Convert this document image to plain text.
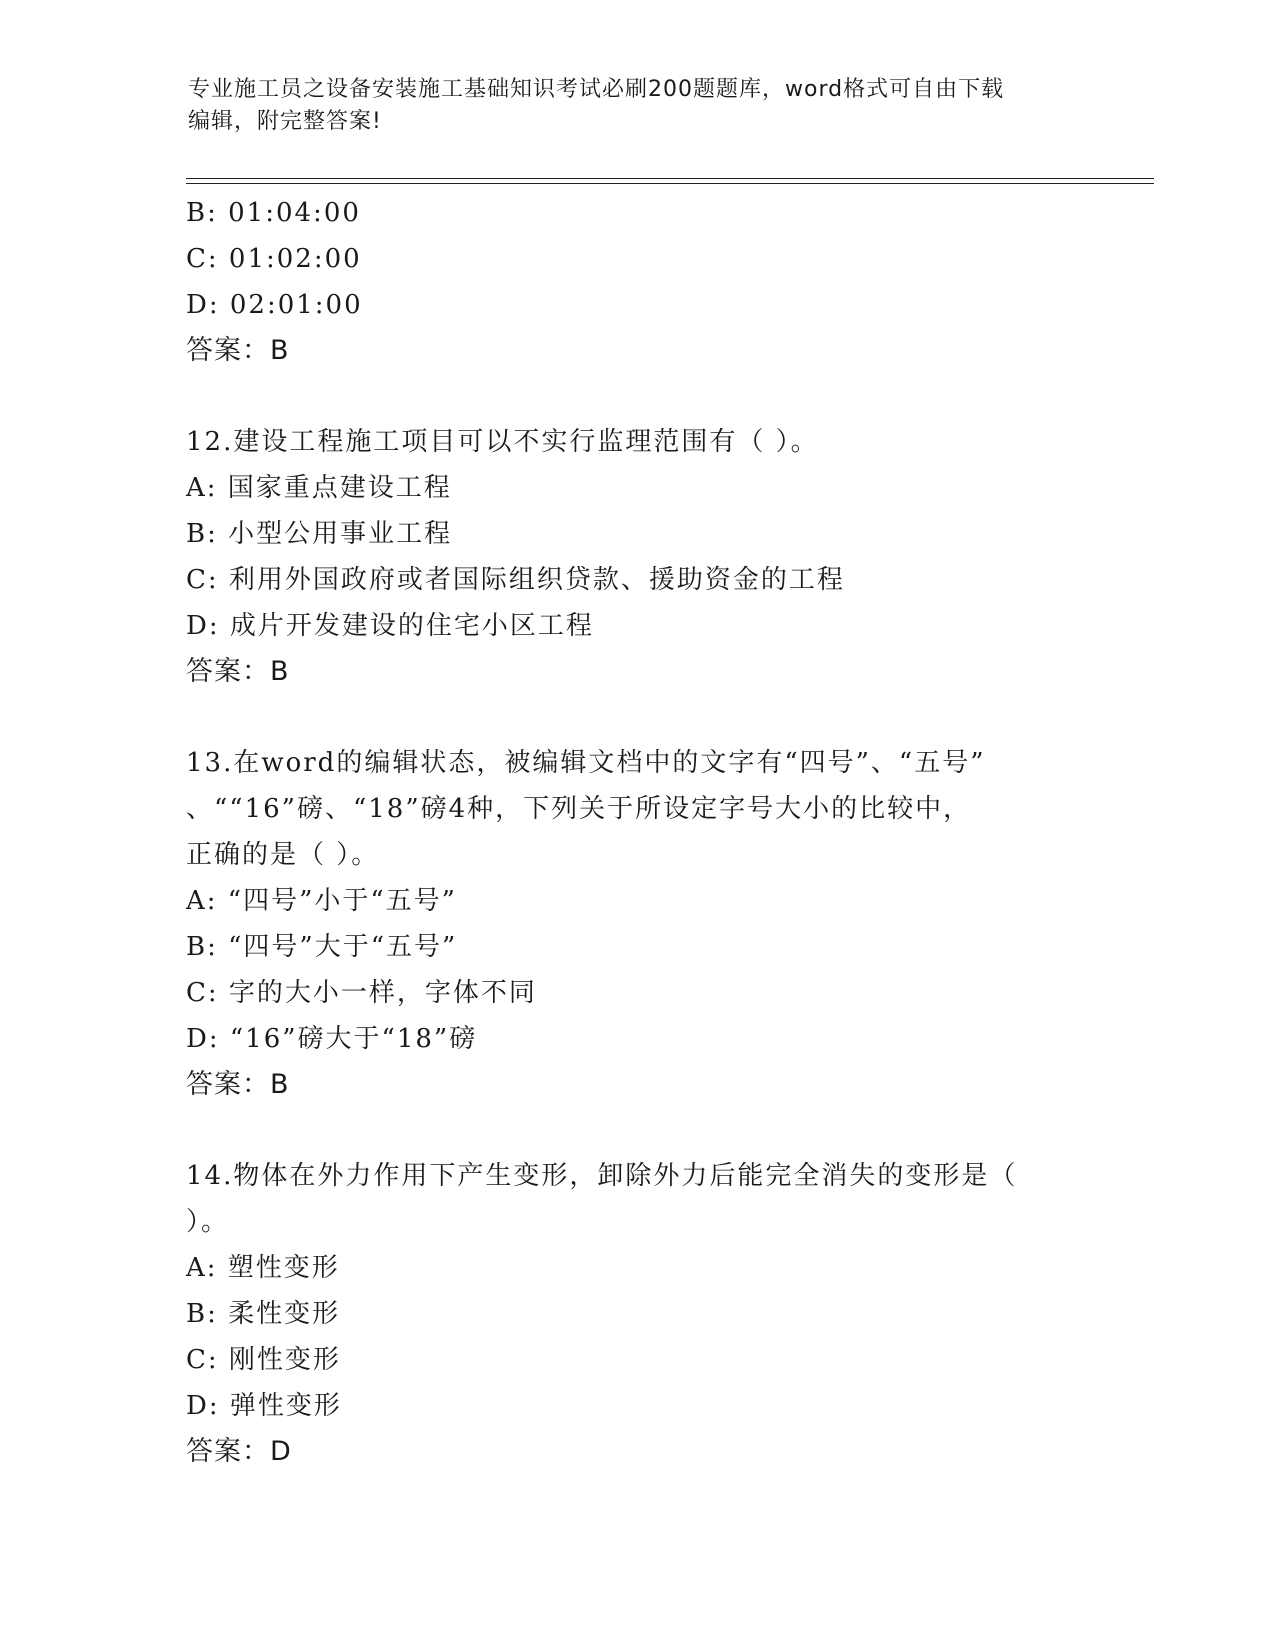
专业施工员之设备安装施工基础知识考试必刷200题题库，word格式可自由下载
编辑，附完整答案!
B: 01:04:00
C: 01:02:00
D: 02:01:00
答案：B
12.建设工程施工项目可以不实行监理范围有（ ）。
A: 国家重点建设工程
B: 小型公用事业工程
C: 利用外国政府或者国际组织贷款、援助资金的工程
D: 成片开发建设的住宅小区工程
答案：B
13.在word的编辑状态，被编辑文档中的文字有“四号”、“五号”
、““16”磅、“18”磅4种，下列关于所设定字号大小的比较中，
正确的是（ ）。
A: “四号”小于“五号”
B: “四号”大于“五号”
C: 字的大小一样，字体不同
D: “16”磅大于“18”磅
答案：B
14.物体在外力作用下产生变形，卸除外力后能完全消失的变形是（
）。
A: 塑性变形
B: 柔性变形
C: 刚性变形
D: 弹性变形
答案：D
